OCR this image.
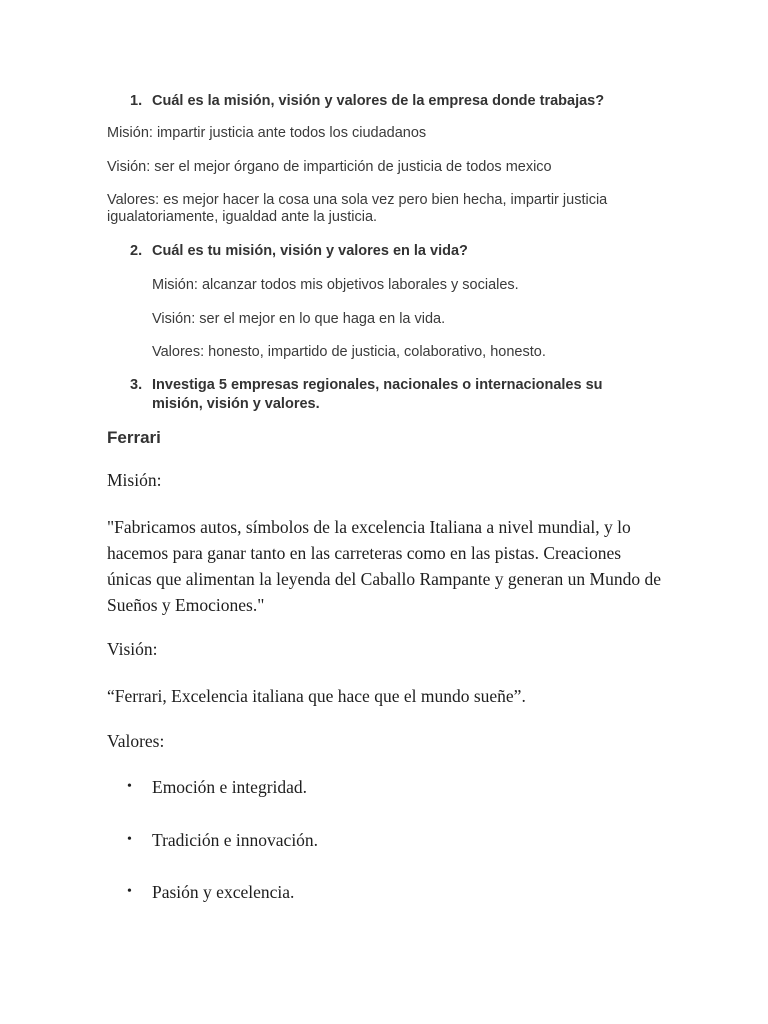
1. Cuál es la misión, visión y valores de la empresa donde trabajas?
Misión: impartir justicia ante todos los ciudadanos
Visión: ser el mejor órgano de impartición de justicia de todos mexico
Valores: es mejor hacer la cosa una sola vez pero bien hecha, impartir justicia igualatoriamente, igualdad ante la justicia.
2. Cuál es tu misión, visión y valores en la vida?
Misión: alcanzar todos mis objetivos laborales y sociales.
Visión: ser el mejor en lo que haga en la vida.
Valores: honesto, impartido de justicia, colaborativo, honesto.
3. Investiga 5 empresas regionales, nacionales o internacionales su misión, visión y valores.
Ferrari
Misión:
"Fabricamos autos, símbolos de la excelencia Italiana a nivel mundial, y lo hacemos para ganar tanto en las carreteras como en las pistas. Creaciones únicas que alimentan la leyenda del Caballo Rampante y generan un Mundo de Sueños y Emociones."
Visión:
“Ferrari, Excelencia italiana que hace que el mundo sueñe”.
Valores:
• Emoción e integridad.
• Tradición e innovación.
• Pasión y excelencia.
